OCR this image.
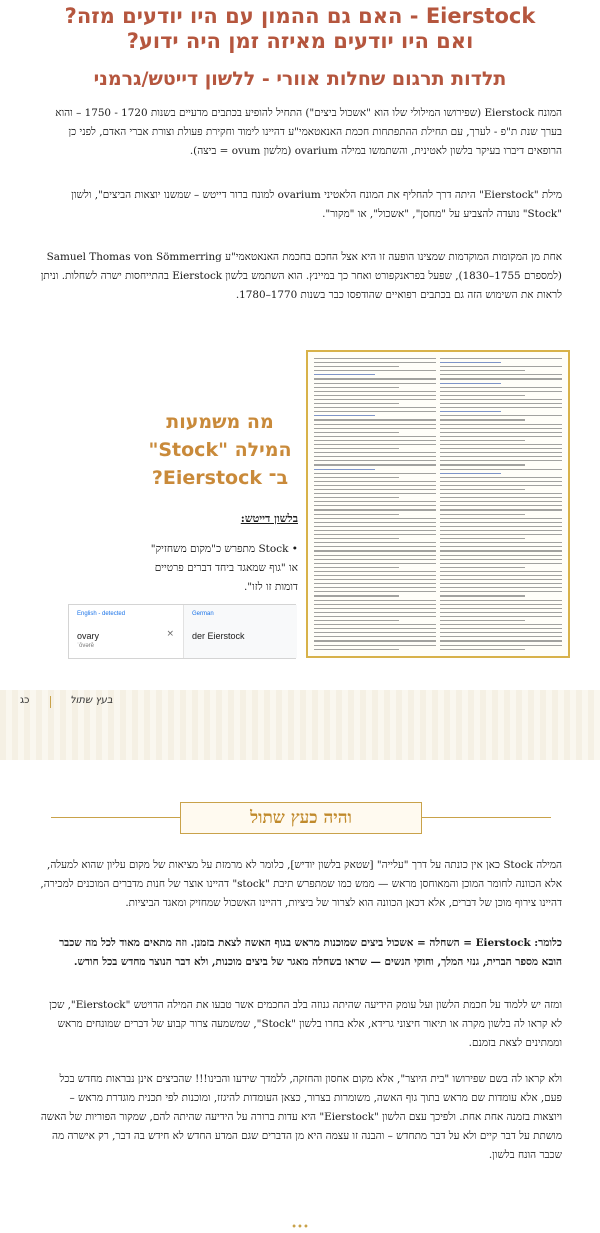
Eierstock - האם גם ההמון עם היו יודעים מזה?
ואם היו יודעים מאיזה זמן היה ידוע?
תלדות תרגום שחלות אוורי - ללשון דייטש/גרמני
המונח Eierstock (שפירושו המילולי שלו הוא "אשכול ביצים") התחיל להופיע בכתבים מדעיים בשנות 1720 - 1750 – והוא בערך שנת ת"פ - לערך, עם תחילת ההתפתחות חכמת האנאטאמי"ע דהיינו לימוד וחקירת פעולת וצורת אברי האדם, לפני כן הרופאים דיברו בעיקר בלשון לאטינית, והשתמשו במילה ovarium (מלשון ovum = ביצה).
מילת "Eierstock" היתה דרך להחליף את המונח הלאטיני ovarium למונח ברור דייטש – שמשנו יוצאות הביצים", ולשון "Stock" נועדה להצביע על "מחסן", "אשכול", או "מקור".
אחת מן המקומות המוקדמות שמצינו הופעה זו היא אצל החכם בחכמת האנאטאמי"ע Samuel Thomas von Sömmerring (למספרם 1755–1830), שפעל בפראנקפורט ואחר כך במיינץ. הוא השתמש בלשון Eierstock בהתייחסות ישרה לשחלות. וניתן לראות את השימוש הזה גם בכתבים רפואיים שהודפסו כבר בשנות 1770–1780.
מה משמעות המילה "Stock" ב־ Eierstock?
בלשון דייטש:
• Stock מתפרש כ"מקום משחזיק" או "גוף שמאגד ביחד דברים פרטיים דומות זו לזו".
English - detected
ovary
ˈōvərē
×
German
der Eierstock
כג	בעץ שתול
והיה כעץ שתול
המילה Stock כאן אין כונתה על דרך "עלייה" [שטאק בלשון יודיש], כלומר לא מרמזת על מציאות של מקום עליון שהוא למעלה, אלא הכוונה לחומר המוכן והמאוחסן מראש — ממש כמו שמתפרש תיבת "stock" דהיינו אוצר של חנות מדברים המוכנים למכירה, דהיינו צירוף מוכן של דברים, אלא דכאן הכוונה הוא לצרור של ביציות, דהיינו האשכול שמחזיק ומאגד הביציות.
כלומר: Eierstock = השחלה = אשכול ביצים שמוכנות מראש בגוף האשה לצאת בזמנן. וזה מתאים מאוד לכל מה שכבר הובא מספר הברית, גנזי המלך, וחוקי הנשים — שראו בשחלה מאגר של ביצים מוכנות, ולא דבר הנוצר מחדש בכל חודש.
ומזה יש ללמוד על חכמת הלשון ועל עומק הידיעה שהיתה גנוזה בלב החכמים אשר טבעו את המילה הדויטש "Eierstock", שכן לא קראו לה בלשון מקרה או תיאור חיצוני גרידא, אלא בחרו בלשון "Stock", שמשמעה צרור קבוע של דברים שמונחים מראש וממתינים לצאת בזמנם.
ולא קראו לה בשם שפירושו "בית היוצר", אלא מקום אחסון והחזקה, ללמדך שידעו והבינו!!! שהביצים אינן נבראות מחדש בכל פעם, אלא עומדות שם מראש בתוך גוף האשה, משומרות בצרור, כצאן העומדות להיגזז, ומוכנות לפי תכנית מוגדרת מראש – ויוצאות בזמנה אחת אחת. ולפיכך עצם הלשון "Eierstock" היא עדות ברורה על הידיעה שהיתה להם, שמקור הפוריות של האשה מושתת על דבר קיים ולא על דבר מתחדש – והבנה זו עצמה היא מן הדברים שגם המדע החדש לא חידש בה דבר, רק אישרה מה שכבר הונח בלשון.
•••
